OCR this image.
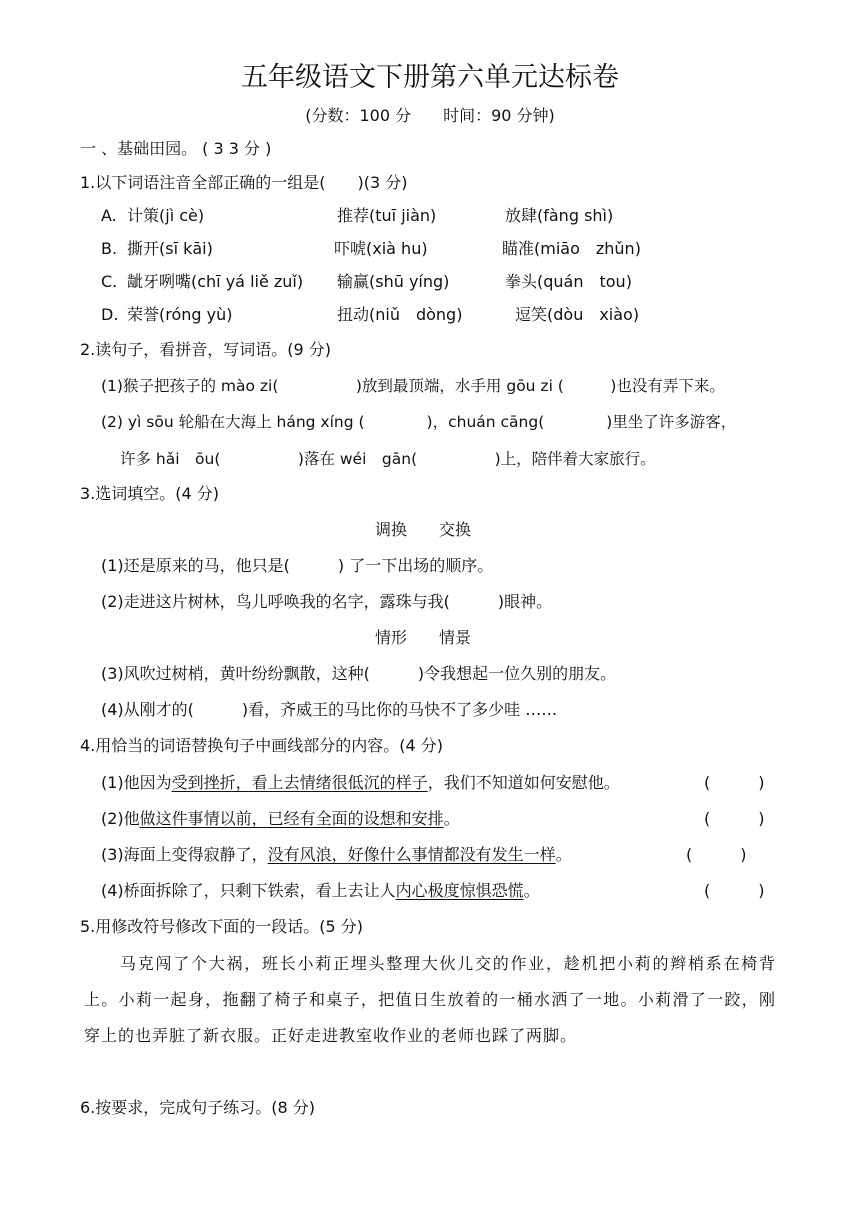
五年级语文下册第六单元达标卷
(分数：100 分　　时间：90 分钟)
一 、基础田园。 ( 3 3 分 )
1.以下词语注音全部正确的一组是(　　)(3 分)
A. 计策(jì cè)	推荐(tuī jiàn)	放肆(fàng shì)
B. 撕开(sī kāi)	吓唬(xià hu)	瞄准(miāo　zhǔn)
C. 龇牙咧嘴(chī yá liě zuǐ) 输赢(shū yíng)	拳头(quán　tou)
D. 荣誉(róng yù)	扭动(niǔ　dòng)	逗笑(dòu　xiào)
2.读句子，看拼音，写词语。(9 分)
(1)猴子把孩子的 mào zi(　　　　　)放到最顶端，水手用 gōu zi (　　　)也没有弄下来。
(2) yì sōu 轮船在大海上 háng xíng (　　　　)，chuán cāng(　　　　)里坐了许多游客，
许多 hǎi　ōu(　　　　　)落在 wéi　gān(　　　　　)上，陪伴着大家旅行。
3.选词填空。(4 分)
调换　　交换
(1)还是原来的马，他只是(　　　) 了一下出场的顺序。
(2)走进这片树林，鸟儿呼唤我的名字，露珠与我(　　　)眼神。
情形　　情景
(3)风吹过树梢，黄叶纷纷飘散，这种(　　　)令我想起一位久别的朋友。
(4)从刚才的(　　　)看，齐威王的马比你的马快不了多少哇 ……
4.用恰当的词语替换句子中画线部分的内容。(4 分)
(1)他因为受到挫折，看上去情绪很低沉的样子，我们不知道如何安慰他。	(　　　)
(2)他做这件事情以前，已经有全面的设想和安排。	(　　　)
(3)海面上变得寂静了，没有风浪，好像什么事情都没有发生一样。	(　　　)
(4)桥面拆除了，只剩下铁索，看上去让人内心极度惊惧恐慌。	(　　　)
5.用修改符号修改下面的一段话。(5 分)
马克闯了个大祸，班长小莉正埋头整理大伙儿交的作业，趁机把小莉的辫梢系在椅背上。小莉一起身，拖翻了椅子和桌子，把值日生放着的一桶水洒了一地。小莉滑了一跤，刚穿上的也弄脏了新衣服。正好走进教室收作业的老师也踩了两脚。
6.按要求，完成句子练习。(8 分)
